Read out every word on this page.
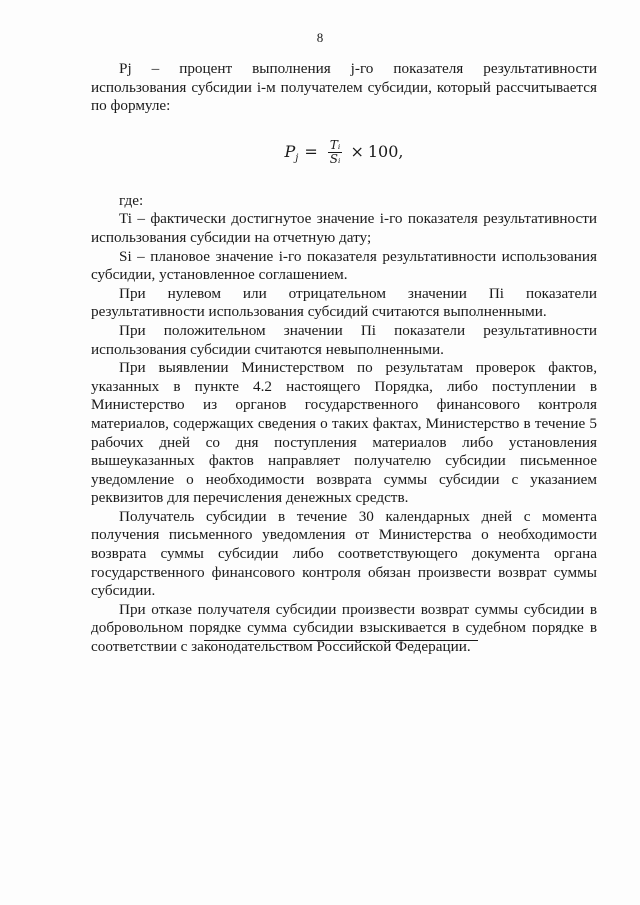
8

Pj – процент выполнения j-го показателя результативности использования субсидии i-м получателем субсидии, который рассчитывается по формуле:

$P_j = \frac{\text{Tᵢ}}{\text{Sᵢ}} \times 100$,

где:

Ti – фактически достигнутое значение i-го показателя результативности использования субсидии на отчетную дату;

Si – плановое значение i-го показателя результативности использования субсидии, установленное соглашением.

При нулевом или отрицательном значении Пi показатели результативности использования субсидий считаются выполненными.

При положительном значении Пi показатели результативности использования субсидии считаются невыполненными.

При выявлении Министерством по результатам проверок фактов, указанных в пункте 4.2 настоящего Порядка, либо поступлении в Министерство из органов государственного финансового контроля материалов, содержащих сведения о таких фактах, Министерство в течение 5 рабочих дней со дня поступления материалов либо установления вышеуказанных фактов направляет получателю субсидии письменное уведомление о необходимости возврата суммы субсидии с указанием реквизитов для перечисления денежных средств.

Получатель субсидии в течение 30 календарных дней с момента получения письменного уведомления от Министерства о необходимости возврата суммы субсидии либо соответствующего документа органа государственного финансового контроля обязан произвести возврат суммы субсидии.

При отказе получателя субсидии произвести возврат суммы субсидии в добровольном порядке сумма субсидии взыскивается в судебном порядке в соответствии с законодательством Российской Федерации.
